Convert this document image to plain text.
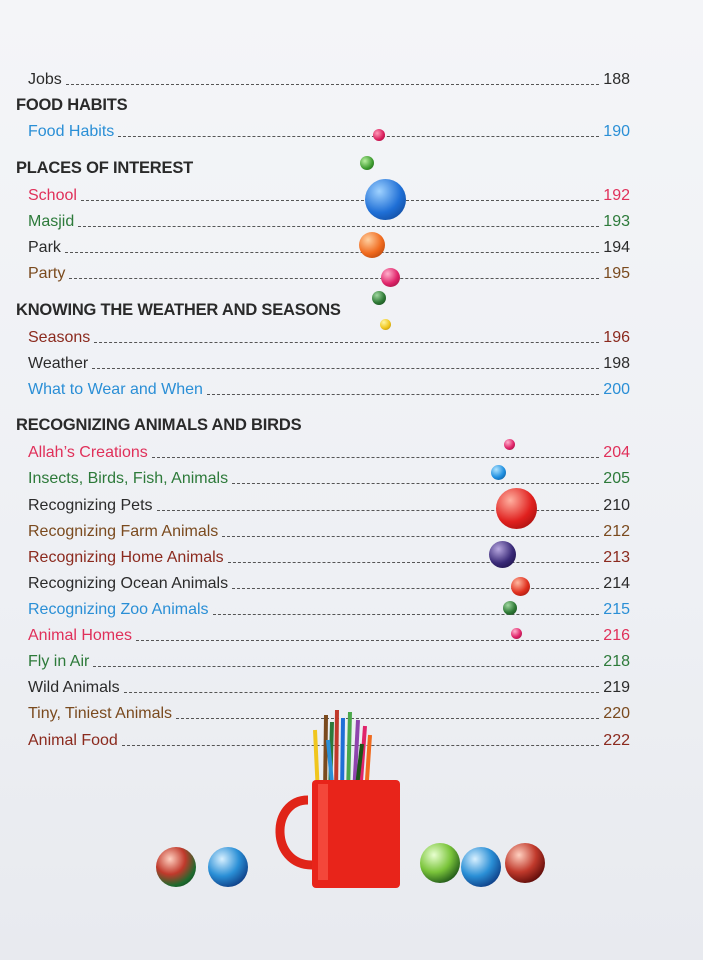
Jobs	188
FOOD HABITS
Food Habits	190
PLACES OF INTEREST
School	192
Masjid	193
Park	194
Party	195
KNOWING THE WEATHER AND SEASONS
Seasons	196
Weather	198
What to Wear and When	200
RECOGNIZING ANIMALS AND BIRDS
Allah’s Creations	204
Insects, Birds, Fish, Animals	205
Recognizing Pets	210
Recognizing Farm Animals	212
Recognizing Home Animals	213
Recognizing Ocean Animals	214
Recognizing Zoo Animals	215
Animal Homes	216
Fly in Air	218
Wild Animals	219
Tiny, Tiniest Animals	220
Animal Food	222
